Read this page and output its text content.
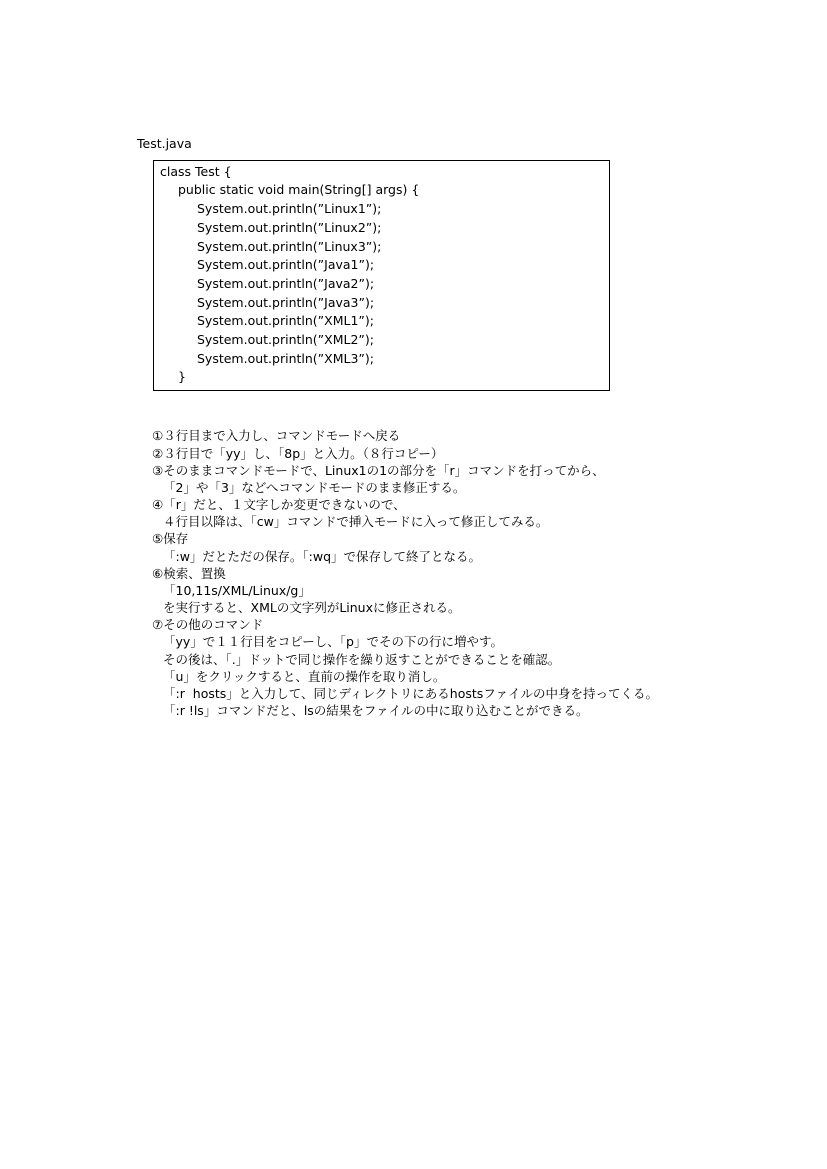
Test.java
class Test {
public static void main(String[] args) {
System.out.println(”Linux1”);
System.out.println(”Linux2”);
System.out.println(”Linux3”);
System.out.println(”Java1”);
System.out.println(”Java2”);
System.out.println(”Java3”);
System.out.println(”XML1”);
System.out.println(”XML2”);
System.out.println(”XML3”);
}
①３行目まで入力し、コマンドモードへ戻る
②３行目で「yy」し、「8p」と入力。（８行コピー）
③そのままコマンドモードで、Linux1の1の部分を「r」コマンドを打ってから、
「2」や「3」などへコマンドモードのまま修正する。
④「r」だと、１文字しか変更できないので、
４行目以降は、「cw」コマンドで挿入モードに入って修正してみる。
⑤保存
「:w」だとただの保存。「:wq」で保存して終了となる。
⑥検索、置換
「10,11s/XML/Linux/g」
を実行すると、XMLの文字列がLinuxに修正される。
⑦その他のコマンド
「yy」で１１行目をコピーし、「p」でその下の行に増やす。
その後は、「.」ドットで同じ操作を繰り返すことができることを確認。
「u」をクリックすると、直前の操作を取り消し。
「:r  hosts」と入力して、同じディレクトリにあるhostsファイルの中身を持ってくる。
「:r !ls」コマンドだと、lsの結果をファイルの中に取り込むことができる。
